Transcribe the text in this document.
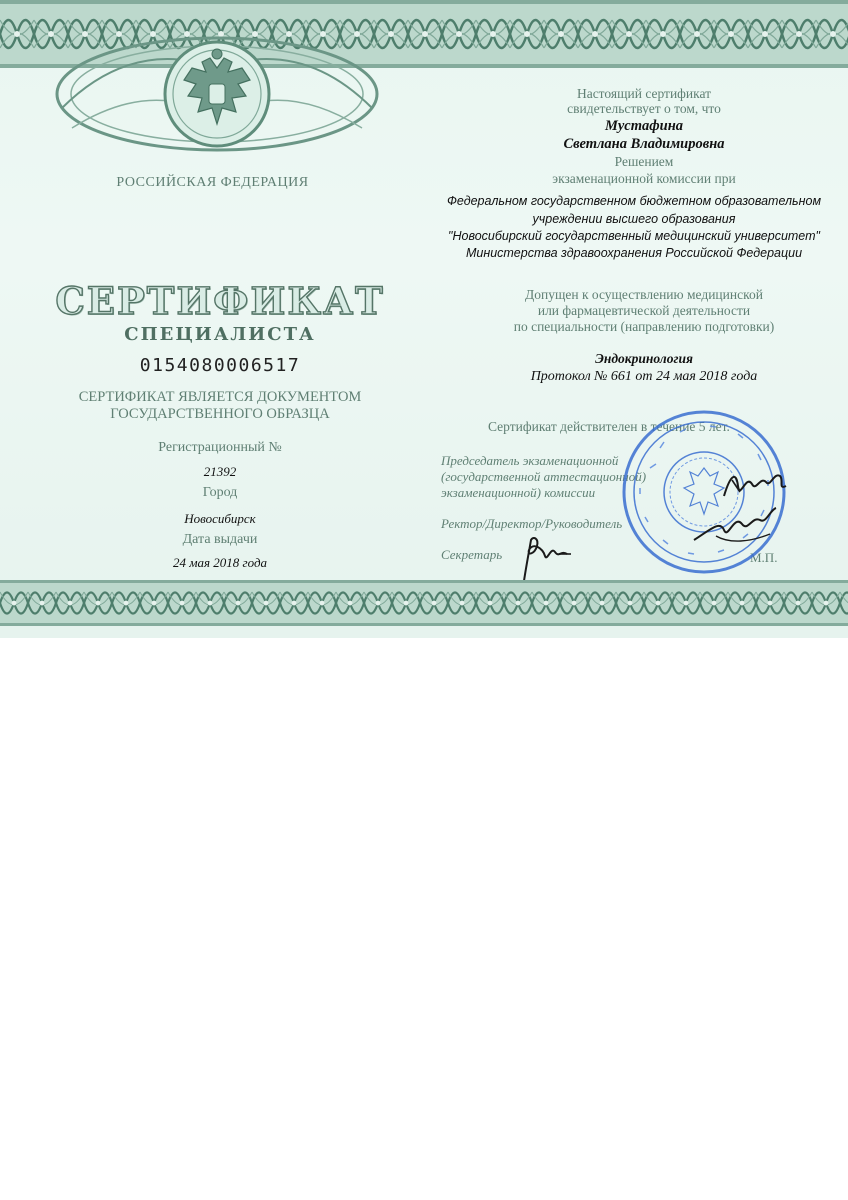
РОССИЙСКАЯ ФЕДЕРАЦИЯ

СЕРТИФИКАТ

СПЕЦИАЛИСТА

0154080006517

СЕРТИФИКАТ ЯВЛЯЕТСЯ ДОКУМЕНТОМ

ГОСУДАРСТВЕННОГО ОБРАЗЦА

Регистрационный №

21392

Город

Новосибирск

Дата выдачи

24 мая 2018 года

Настоящий сертификат

свидетельствует о том, что

Мустафина

Светлана Владимировна

Решением

экзаменационной комиссии при

Федеральном государственном бюджетном образовательном

учреждении высшего образования

"Новосибирский государственный медицинский университет"

Министерства здравоохранения Российской Федерации

Допущен к осуществлению медицинской

или фармацевтической деятельности

по специальности (направлению подготовки)

Эндокринология

Протокол № 661 от 24 мая 2018 года

Сертификат действителен в течение 5 лет.

Председатель экзаменационной

(государственной аттестационной)

экзаменационной) комиссии

Ректор/Директор/Руководитель

Секретарь	М.П.
